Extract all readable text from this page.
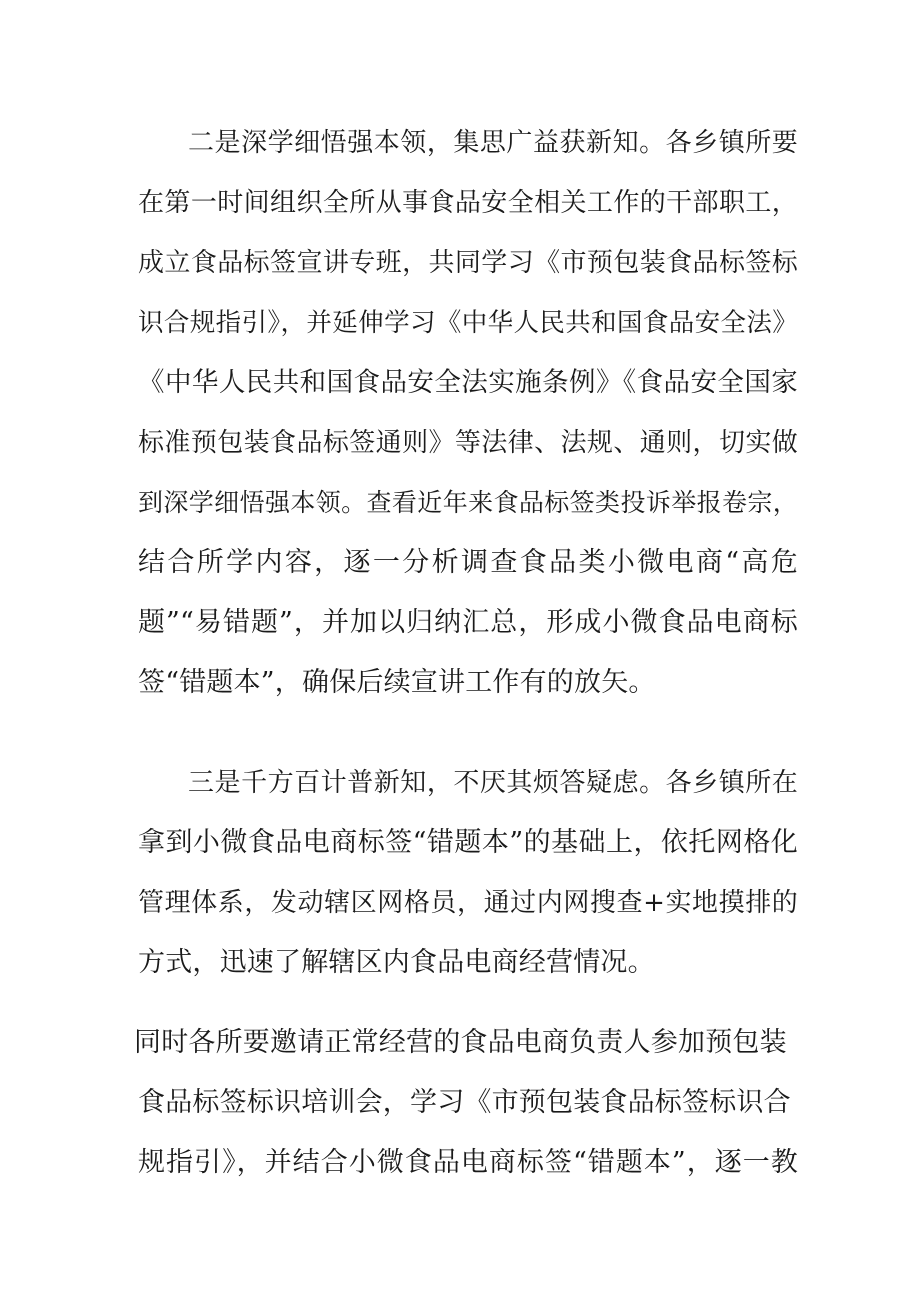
二是深学细悟强本领，集思广益获新知。各乡镇所要
在第一时间组织全所从事食品安全相关工作的干部职工，
成立食品标签宣讲专班，共同学习《市预包装食品标签标
识合规指引》，并延伸学习《中华人民共和国食品安全法》
《中华人民共和国食品安全法实施条例》《食品安全国家
标准预包装食品标签通则》等法律、法规、通则，切实做
到深学细悟强本领。查看近年来食品标签类投诉举报卷宗，
结合所学内容，逐一分析调查食品类小微电商“高危
题”“易错题”，并加以归纳汇总，形成小微食品电商标
签“错题本”，确保后续宣讲工作有的放矢。
三是千方百计普新知，不厌其烦答疑虑。各乡镇所在
拿到小微食品电商标签“错题本”的基础上，依托网格化
管理体系，发动辖区网格员，通过内网搜查+实地摸排的
方式，迅速了解辖区内食品电商经营情况。
同时各所要邀请正常经营的食品电商负责人参加预包装
食品标签标识培训会，学习《市预包装食品标签标识合
规指引》，并结合小微食品电商标签“错题本”，逐一教
